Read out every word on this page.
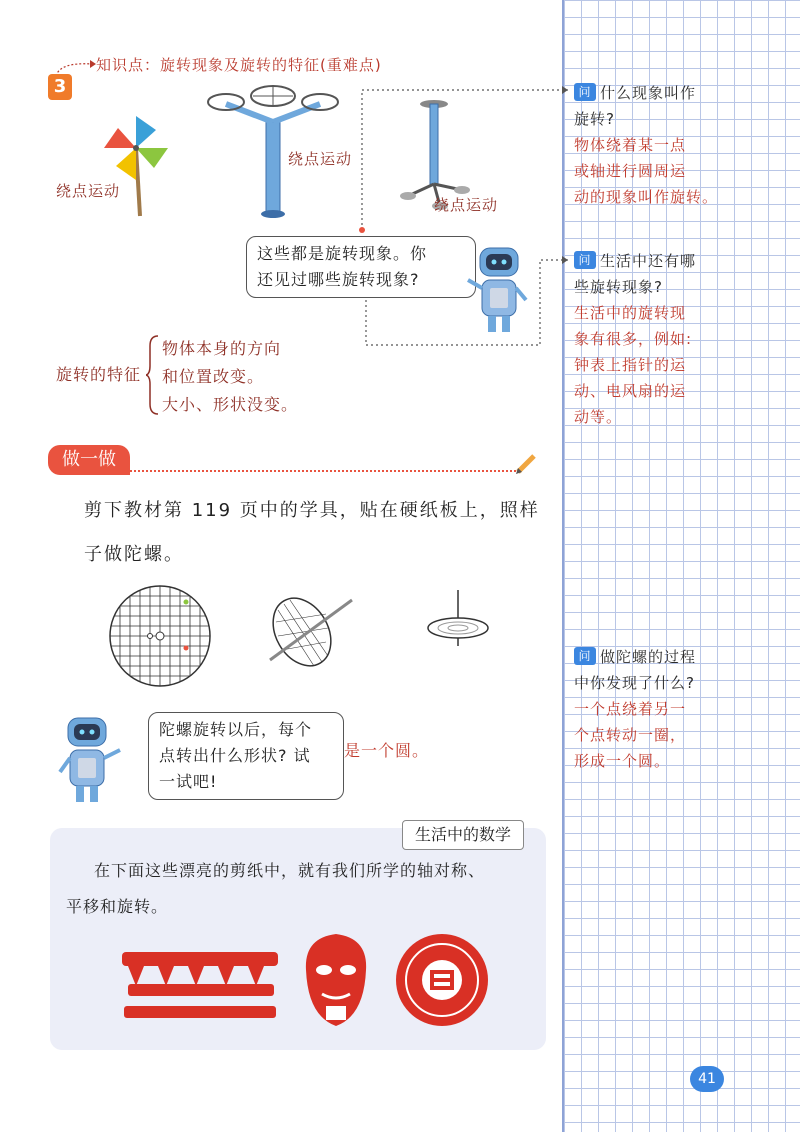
知识点：旋转现象及旋转的特征(重难点)
3
绕点运动
绕点运动
绕点运动
这些都是旋转现象。你
还见过哪些旋转现象?
旋转的特征
物体本身的方向
和位置改变。
大小、形状没变。
做一做
剪下教材第 119 页中的学具，贴在硬纸板上，照样
子做陀螺。
陀螺旋转以后，每个
点转出什么形状? 试
一试吧!
是一个圆。
生活中的数学
在下面这些漂亮的剪纸中，就有我们所学的轴对称、
平移和旋转。
问 什么现象叫作
旋转?
物体绕着某一点
或轴进行圆周运
动的现象叫作旋转。
问 生活中还有哪
些旋转现象?
生活中的旋转现
象有很多，例如:
钟表上指针的运
动、电风扇的运
动等。
问 做陀螺的过程
中你发现了什么?
一个点绕着另一
个点转动一圈，
形成一个圆。
41
